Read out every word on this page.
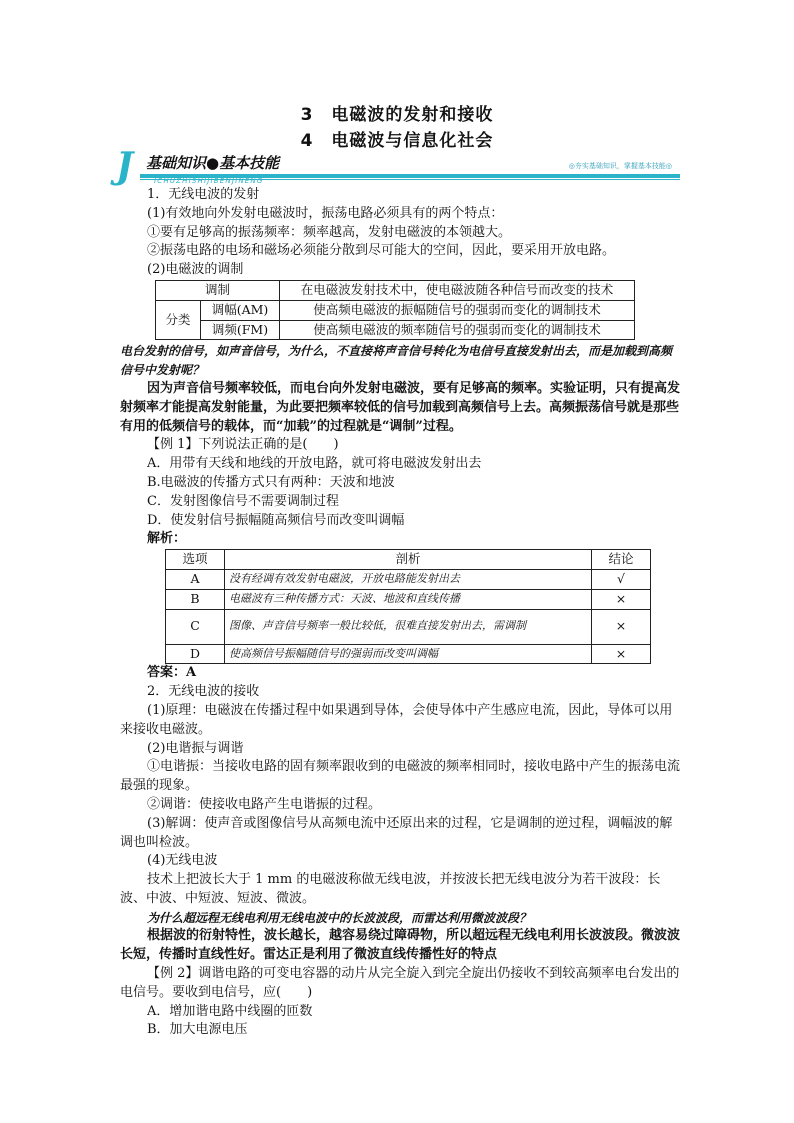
3　电磁波的发射和接收
4　电磁波与信息化社会
J 基础知识●基本技能	◎夯实基础知识，掌握基本技能◎
ICHUZHISHIJIBENJINENG

1．无线电波的发射

(1)有效地向外发射电磁波时，振荡电路必须具有的两个特点：

①要有足够高的振荡频率：频率越高，发射电磁波的本领越大。

②振荡电路的电场和磁场必须能分散到尽可能大的空间，因此，要采用开放电路。

(2)电磁波的调制

调制		在电磁波发射技术中，使电磁波随各种信号而改变的技术
分类	调幅(AM)	使高频电磁波的振幅随信号的强弱而变化的调制技术
	调频(FM)	使高频电磁波的频率随信号的强弱而变化的调制技术

电台发射的信号，如声音信号，为什么，不直接将声音信号转化为电信号直接发射出去，而是加载到高频信号中发射呢？

因为声音信号频率较低，而电台向外发射电磁波，要有足够高的频率。实验证明，只有提高发射频率才能提高发射能量，为此要把频率较低的信号加载到高频信号上去。高频振荡信号就是那些有用的低频信号的载体，而“加载”的过程就是“调制”过程。

【例 1】下列说法正确的是(　　)

A．用带有天线和地线的开放电路，就可将电磁波发射出去

B.电磁波的传播方式只有两种：天波和地波

C．发射图像信号不需要调制过程

D．使发射信号振幅随高频信号而改变叫调幅

解析：

选项	剖析	结论
A	没有经调有效发射电磁波，开放电路能发射出去	√
B	电磁波有三种传播方式：天波、地波和直线传播	×
C	图像、声音信号频率一般比较低，很难直接发射出去，需调制	×
D	使高频信号振幅随信号的强弱而改变叫调幅	×

答案：A

2．无线电波的接收

(1)原理：电磁波在传播过程中如果遇到导体，会使导体中产生感应电流，因此，导体可以用来接收电磁波。

(2)电谐振与调谐

①电谐振：当接收电路的固有频率跟收到的电磁波的频率相同时，接收电路中产生的振荡电流最强的现象。

②调谐：使接收电路产生电谐振的过程。

(3)解调：使声音或图像信号从高频电流中还原出来的过程，它是调制的逆过程，调幅波的解调也叫检波。

(4)无线电波

技术上把波长大于 1 mm 的电磁波称做无线电波，并按波长把无线电波分为若干波段：长波、中波、中短波、短波、微波。

为什么超远程无线电利用无线电波中的长波波段，而雷达利用微波波段？

根据波的衍射特性，波长越长，越容易绕过障碍物，所以超远程无线电利用长波波段。微波波长短，传播时直线性好。雷达正是利用了微波直线传播性好的特点

【例 2】调谐电路的可变电容器的动片从完全旋入到完全旋出仍接收不到较高频率电台发出的电信号。要收到电信号，应(　　)

A．增加谐电路中线圈的匝数

B．加大电源电压
